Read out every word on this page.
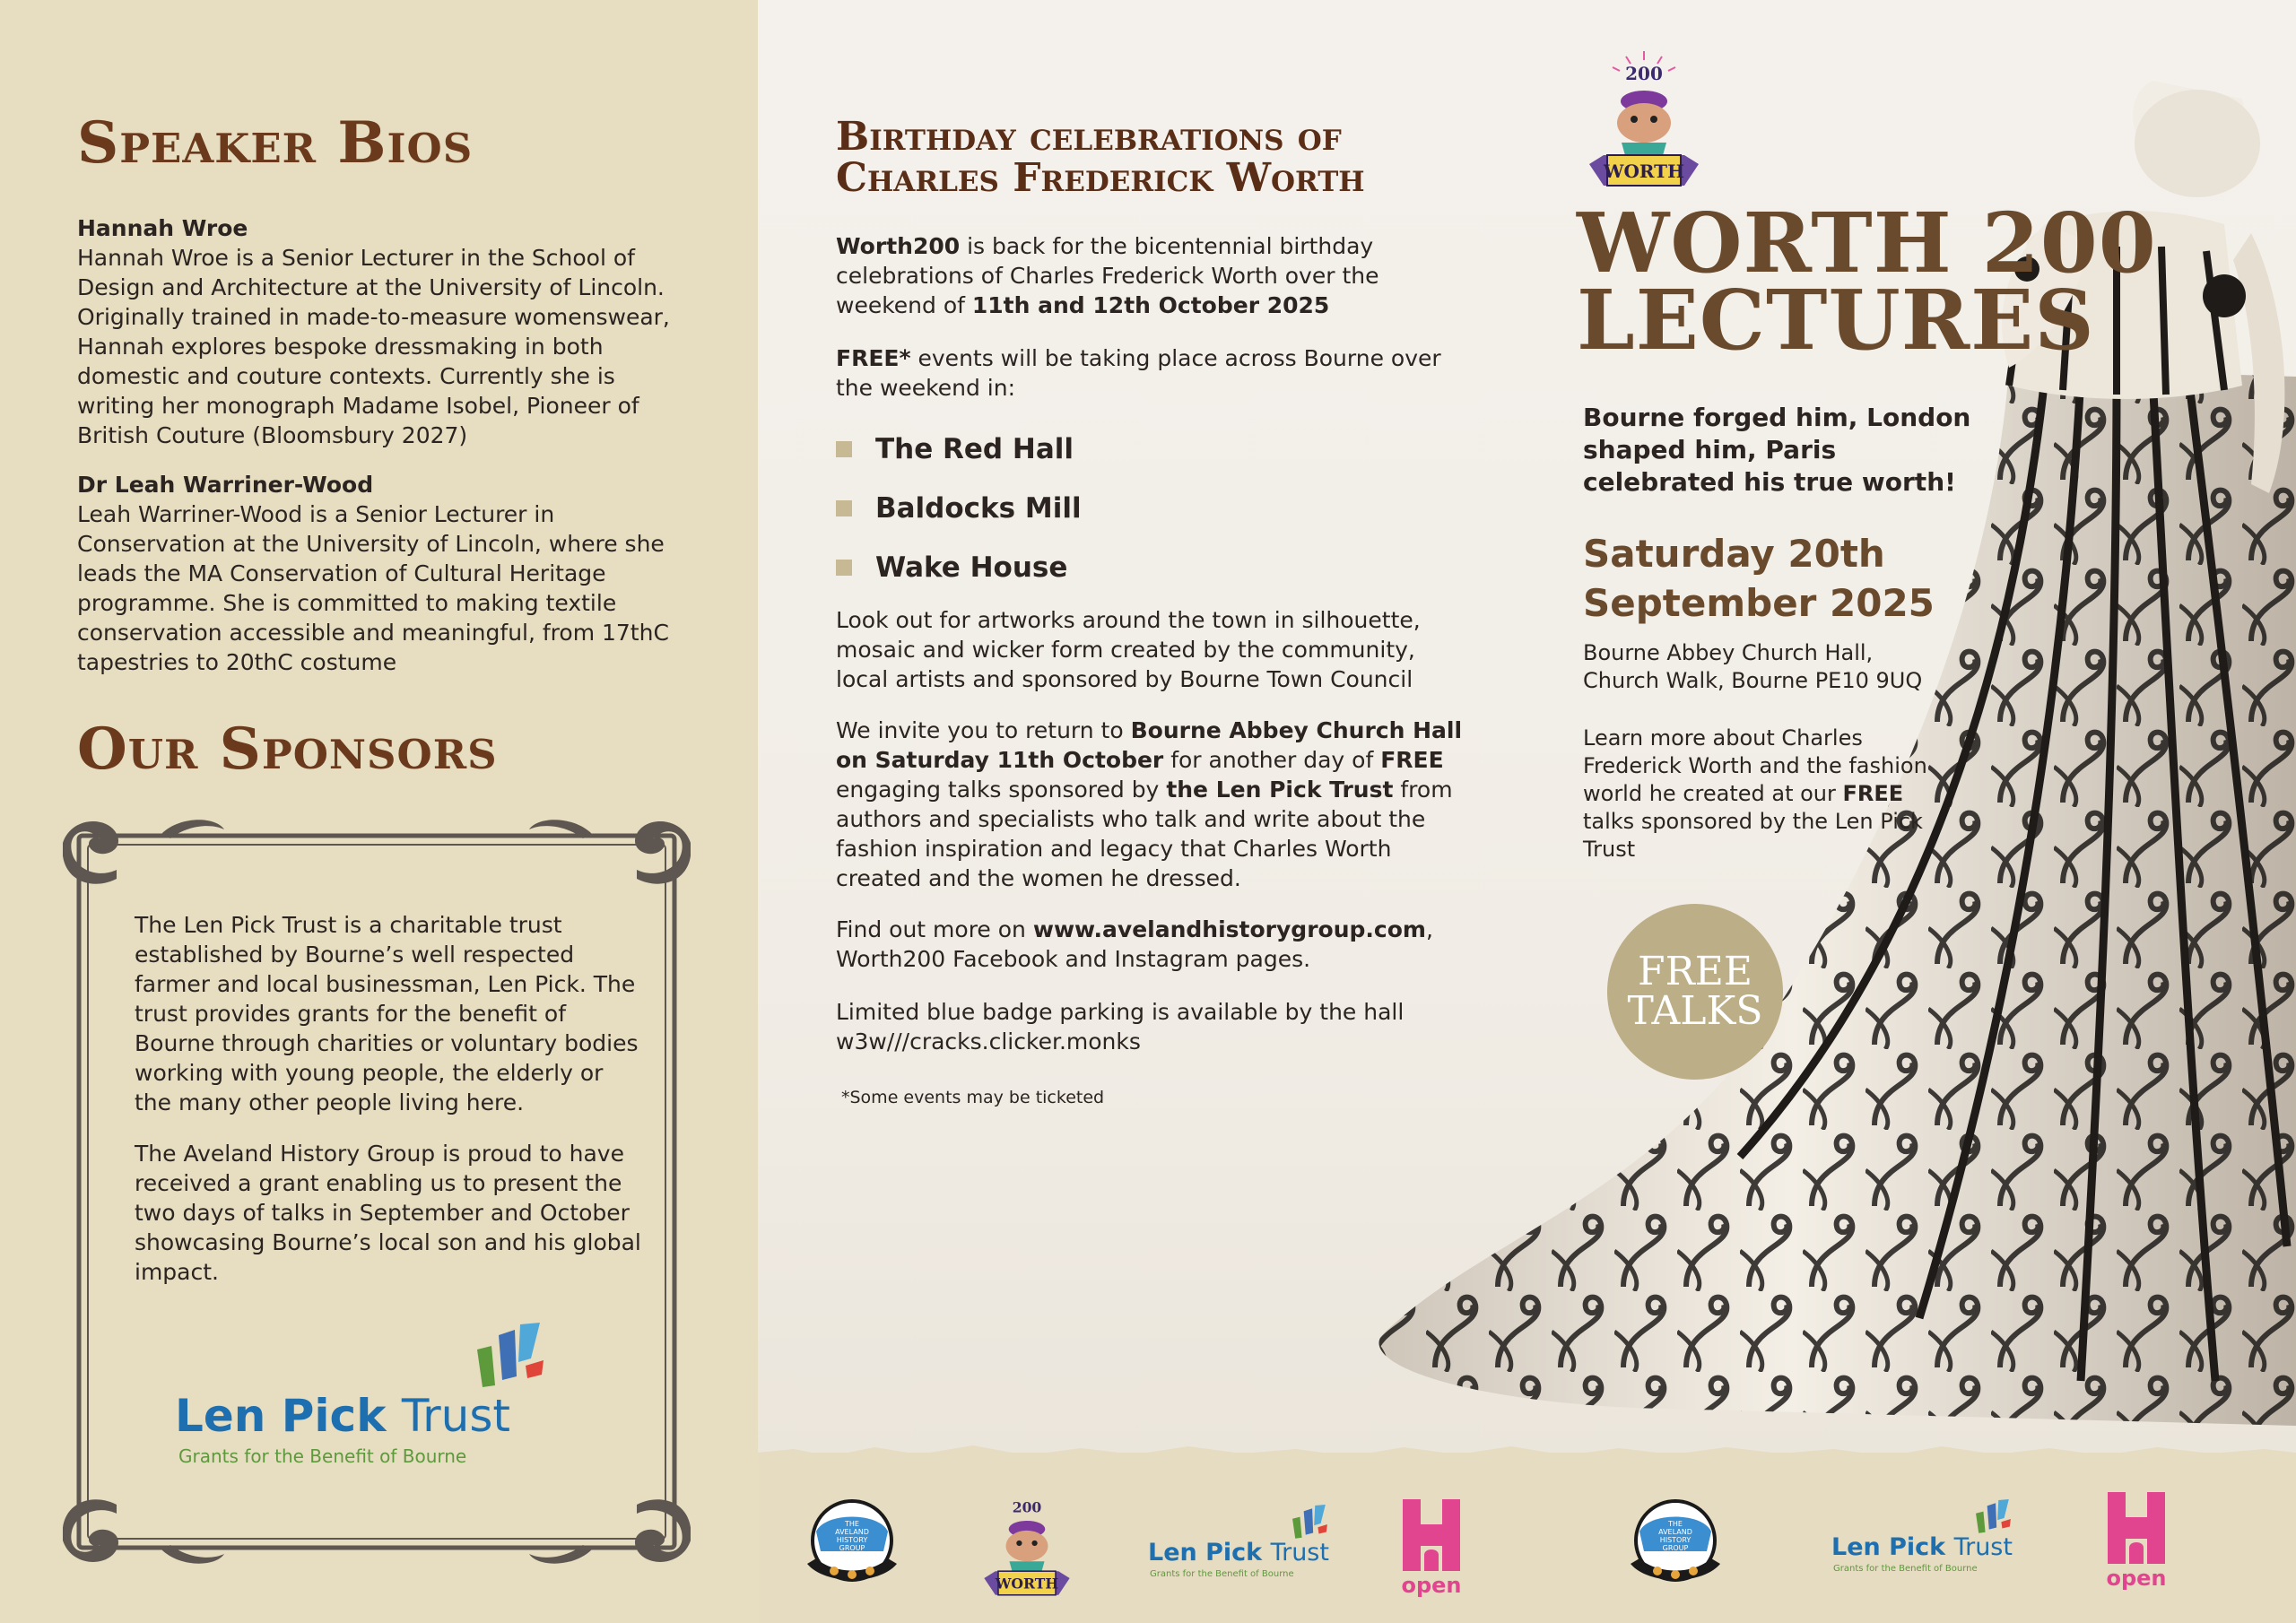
Speaker Bios
Hannah Wroe
Hannah Wroe is a Senior Lecturer in the School of Design and Architecture at the University of Lincoln. Originally trained in made-to-measure womenswear, Hannah explores bespoke dressmaking in both domestic and couture contexts. Currently she is writing her monograph Madame Isobel, Pioneer of British Couture (Bloomsbury 2027)
Dr Leah Warriner-Wood
Leah Warriner-Wood is a Senior Lecturer in Conservation at the University of Lincoln, where she leads the MA Conservation of Cultural Heritage programme. She is committed to making textile conservation accessible and meaningful, from 17thC tapestries to 20thC costume
Our Sponsors
The Len Pick Trust is a charitable trust established by Bourne’s well respected farmer and local businessman, Len Pick. The trust provides grants for the benefit of Bourne through charities or voluntary bodies working with young people, the elderly or the many other people living here.
The Aveland History Group is proud to have received a grant enabling us to present the two days of talks in September and October showcasing Bourne’s local son and his global impact.
Len Pick Trust
Grants for the Benefit of Bourne
Birthday celebrations of
Charles Frederick Worth

Worth200 is back for the bicentennial birthday celebrations of Charles Frederick Worth over the weekend of 11th and 12th October 2025

FREE* events will be taking place across Bourne over the weekend in:

The Red Hall
Baldocks Mill
Wake House

Look out for artworks around the town in silhouette, mosaic and wicker form created by the community, local artists and sponsored by Bourne Town Council

We invite you to return to Bourne Abbey Church Hall on Saturday 11th October for another day of FREE engaging talks sponsored by the Len Pick Trust from authors and specialists who talk and write about the fashion inspiration and legacy that Charles Worth created and the women he dressed.

Find out more on www.avelandhistorygroup.com, Worth200 Facebook and Instagram pages.

Limited blue badge parking is available by the hall
w3w///cracks.clicker.monks

*Some events may be ticketed

200
WORTH
WORTH 200
LECTURES

Bourne forged him, London shaped him, Paris celebrated his true worth!

Saturday 20th
September 2025

Bourne Abbey Church Hall,
Church Walk, Bourne PE10 9UQ

Learn more about Charles Frederick Worth and the fashion world he created at our FREE talks sponsored by the Len Pick Trust

FREE
TALKS
THE
AVELAND
HISTORY
GROUP
200
WORTH
Len Pick Trust
Grants for the Benefit of Bourne	open
THE
AVELAND
HISTORY
GROUP	Len Pick Trust
Grants for the Benefit of Bourne	open
